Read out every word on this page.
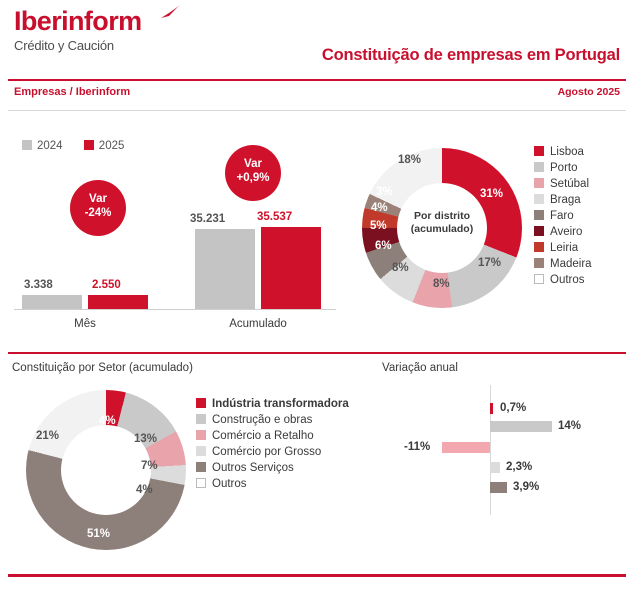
Iberinform
Crédito y Caución
Constituição de empresas em Portugal
Empresas / Iberinform	Agosto 2025
2024	2025
3.338	2.550
Mês
35.231	35.537
Acumulado
Var
-24%
Var
+0,9%
Por distrito
(acumulado)
31%
17%
8%
8%
6%
5%
4%
3%
18%
Lisboa
Porto
Setúbal
Braga
Faro
Aveiro
Leiria
Madeira
Outros
Constituição por Setor (acumulado)	Variação anual
4%
13%
7%
4%
51%
21%
Indústria transformadora
Construção e obras
Comércio a Retalho
Comércio por Grosso
Outros Serviços
Outros
0,7%
14%
-11%
2,3%
3,9%
